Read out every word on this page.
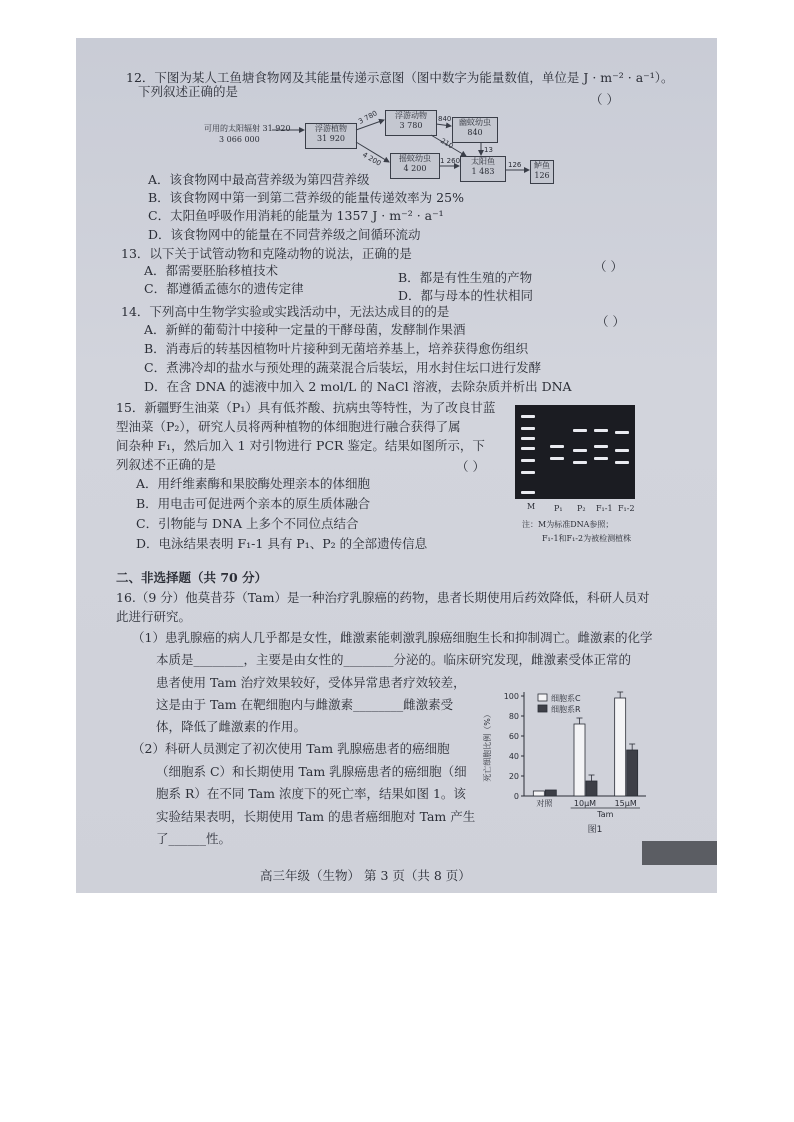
12．下图为某人工鱼塘食物网及其能量传递示意图（图中数字为能量数值，单位是 J · m⁻² · a⁻¹）。
下列叙述正确的是
（ ）
可用的太阳辐射 31 920
3 066 000
浮游植物
31 920
浮游动物
3 780	幽蚊幼虫
840
摇蚊幼虫
4 200
太阳鱼
1 483
鲈鱼
126
3 780
4 200
840
210	13
1 260	126
A．该食物网中最高营养级为第四营养级
B．该食物网中第一到第二营养级的能量传递效率为 25%
C．太阳鱼呼吸作用消耗的能量为 1357 J · m⁻² · a⁻¹
D．该食物网中的能量在不同营养级之间循环流动
13．以下关于试管动物和克隆动物的说法，正确的是
（ ）
A．都需要胚胎移植技术	B．都是有性生殖的产物
C．都遵循孟德尔的遗传定律	D．都与母本的性状相同
14．下列高中生物学实验或实践活动中，无法达成目的的是
（ ）
A．新鲜的葡萄汁中接种一定量的干酵母菌，发酵制作果酒
B．消毒后的转基因植物叶片接种到无菌培养基上，培养获得愈伤组织
C．煮沸冷却的盐水与预处理的蔬菜混合后装坛，用水封住坛口进行发酵
D．在含 DNA 的滤液中加入 2 mol/L 的 NaCl 溶液，去除杂质并析出 DNA
15．新疆野生油菜（P₁）具有低芥酸、抗病虫等特性，为了改良甘蓝
型油菜（P₂），研究人员将两种植物的体细胞进行融合获得了属
间杂种 F₁，然后加入 1 对引物进行 PCR 鉴定。结果如图所示，下
列叙述不正确的是	（ ）
A．用纤维素酶和果胶酶处理亲本的体细胞
B．用电击可促进两个亲本的原生质体融合
C．引物能与 DNA 上多个不同位点结合
D．电泳结果表明 F₁-1 具有 P₁、P₂ 的全部遗传信息
M P₁ P₂ F₁-1 F₁-2
注：M为标准DNA参照；
F₁-1和F₁-2为被检测植株
二、非选择题（共 70 分）
16.（9 分）他莫昔芬（Tam）是一种治疗乳腺癌的药物，患者长期使用后药效降低，科研人员对
此进行研究。
（1）患乳腺癌的病人几乎都是女性，雌激素能刺激乳腺癌细胞生长和抑制凋亡。雌激素的化学
本质是________，主要是由女性的________分泌的。临床研究发现，雌激素受体正常的
患者使用 Tam 治疗效果较好，受体异常患者疗效较差，
这是由于 Tam 在靶细胞内与雌激素________雌激素受
体，降低了雌激素的作用。
（2）科研人员测定了初次使用 Tam 乳腺癌患者的癌细胞
（细胞系 C）和长期使用 Tam 乳腺癌患者的癌细胞（细
胞系 R）在不同 Tam 浓度下的死亡率，结果如图 1。该
实验结果表明，长期使用 Tam 的患者癌细胞对 Tam 产生
了______性。
0
20
40
60
80
100
死亡细胞比例（%）
对照	10μM 15μM
Tam
细胞系C
细胞系R
图1
高三年级（生物） 第 3 页（共 8 页）
